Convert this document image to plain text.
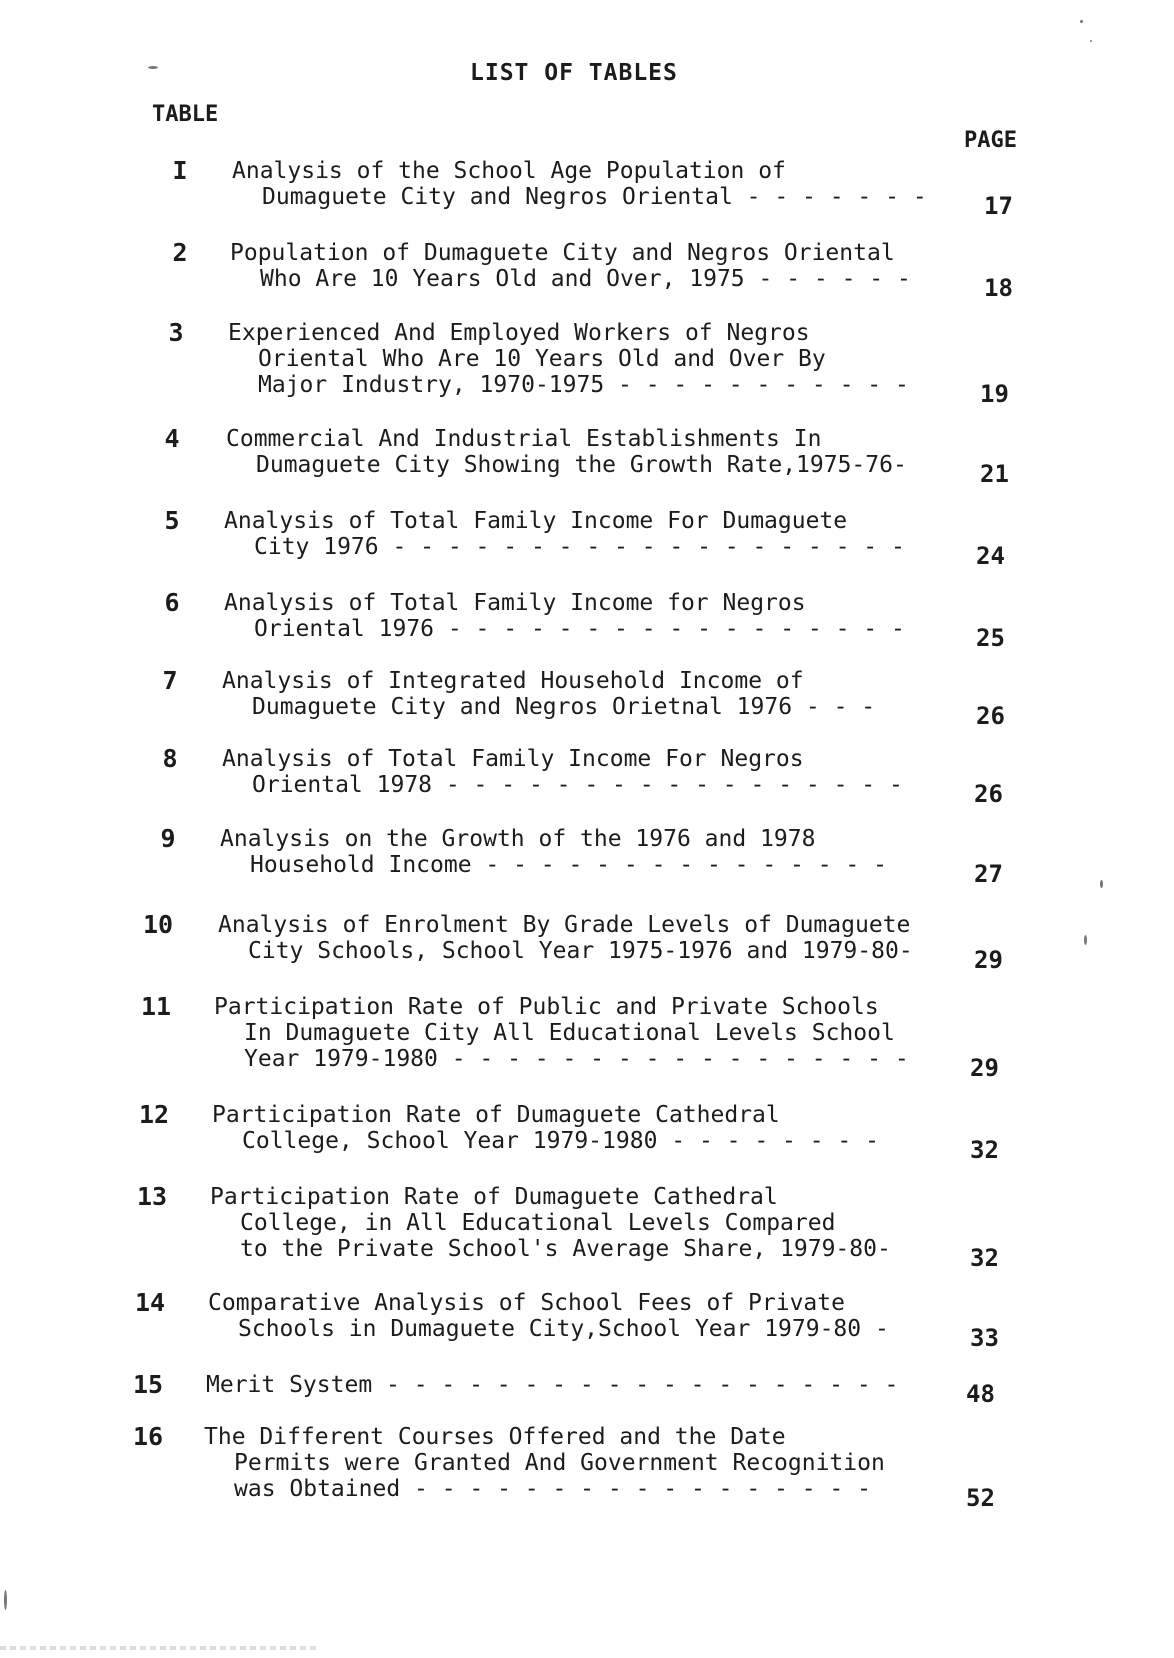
LIST OF TABLES
TABLE
PAGE
I	Analysis of the School Age Population of
Dumaguete City and Negros Oriental - - - - - - - 17
2	Population of Dumaguete City and Negros Oriental
Who Are 10 Years Old and Over, 1975 - - - - - -	18
3	Experienced And Employed Workers of Negros
Oriental Who Are 10 Years Old and Over By
Major Industry, 1970-1975 - - - - - - - - - - -	19
4	Commercial And Industrial Establishments In
Dumaguete City Showing the Growth Rate,1975-76-	21
5	Analysis of Total Family Income For Dumaguete
City 1976 - - - - - - - - - - - - - - - - - - -	24
6	Analysis of Total Family Income for Negros
Oriental 1976 - - - - - - - - - - - - - - - - -	25
7	Analysis of Integrated Household Income of
Dumaguete City and Negros Orietnal 1976 - - -	26
8	Analysis of Total Family Income For Negros
Oriental 1978 - - - - - - - - - - - - - - - - -	26
9	Analysis on the Growth of the 1976 and 1978
Household Income - - - - - - - - - - - - - - -	27
10	Analysis of Enrolment By Grade Levels of Dumaguete
City Schools, School Year 1975-1976 and 1979-80-	29
11	Participation Rate of Public and Private Schools
In Dumaguete City All Educational Levels School
Year 1979-1980 - - - - - - - - - - - - - - - - -	29
12	Participation Rate of Dumaguete Cathedral
College, School Year 1979-1980 - - - - - - - -	32
13	Participation Rate of Dumaguete Cathedral
College, in All Educational Levels Compared
to the Private School's Average Share, 1979-80-	32
14	Comparative Analysis of School Fees of Private
Schools in Dumaguete City,School Year 1979-80 -	33
15	Merit System - - - - - - - - - - - - - - - - - - -	48
16	The Different Courses Offered and the Date
Permits were Granted And Government Recognition
was Obtained - - - - - - - - - - - - - - - - -	52
